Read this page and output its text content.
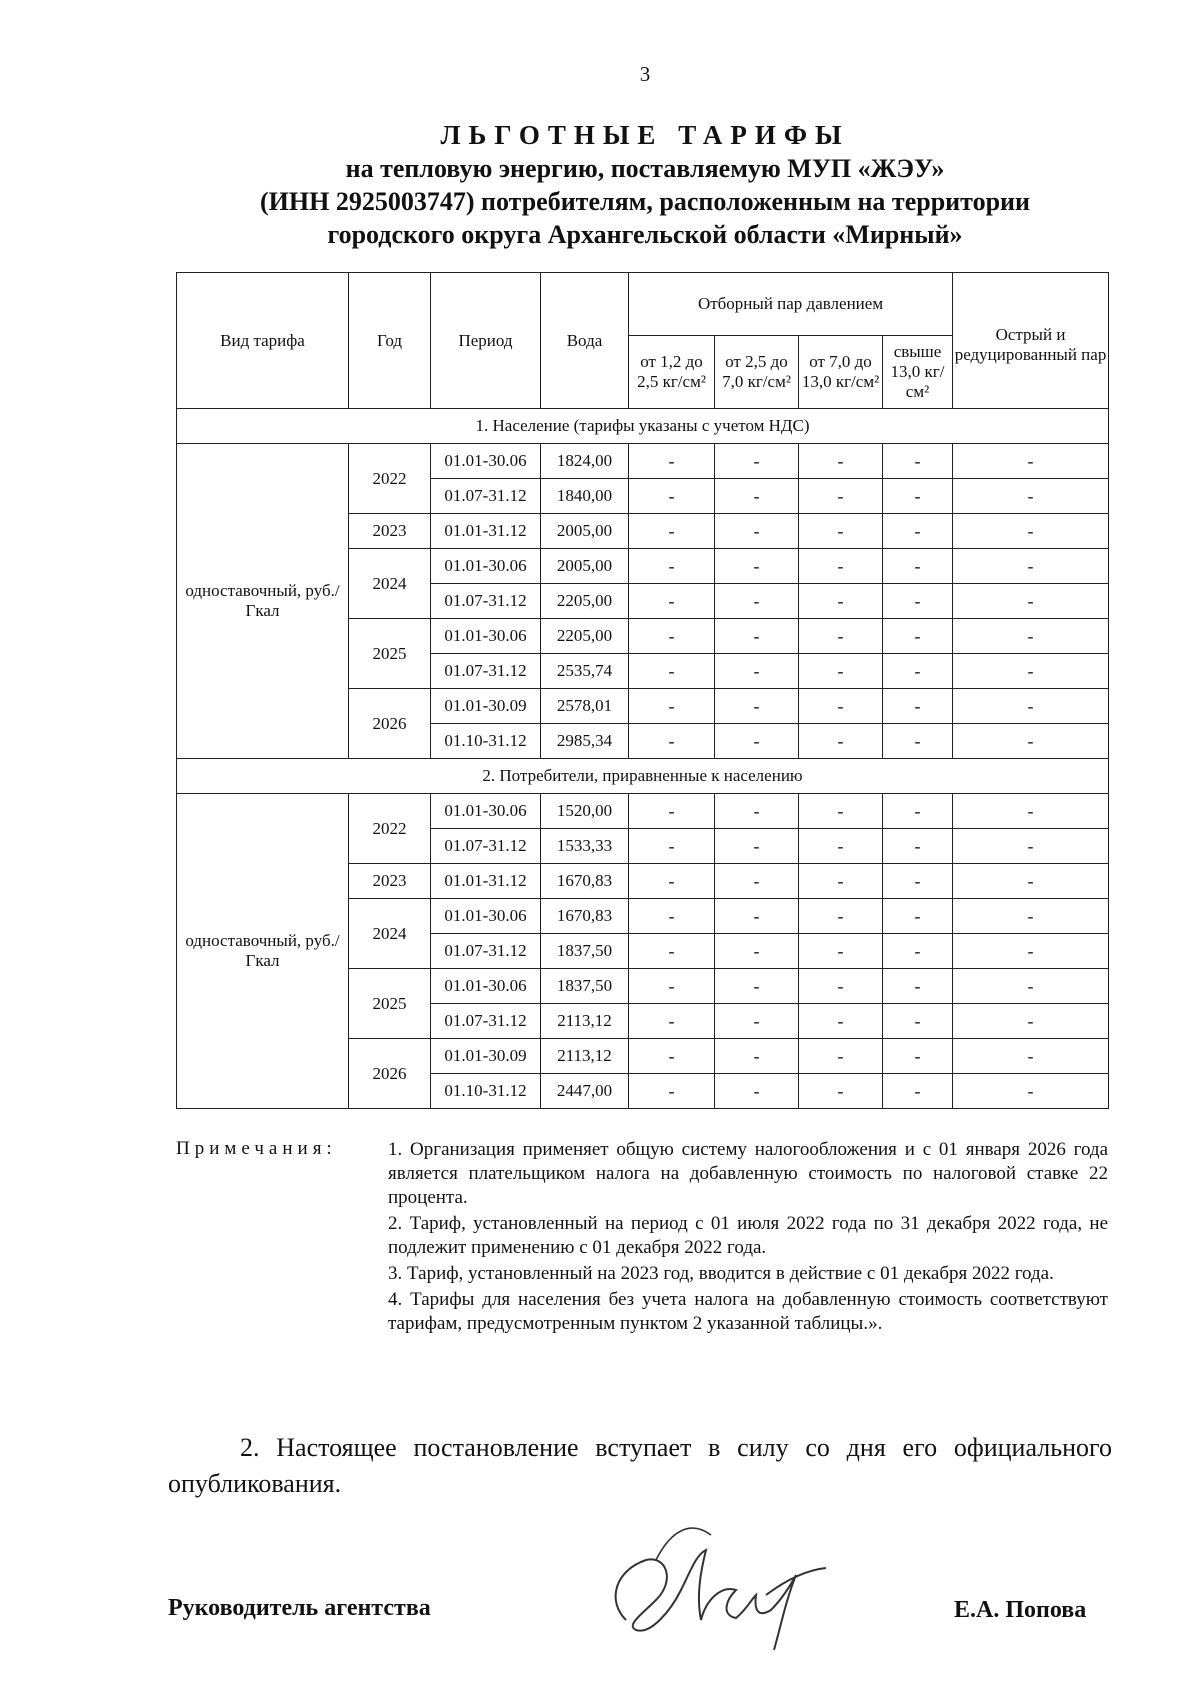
3
ЛЬГОТНЫЕ ТАРИФЫ
на тепловую энергию, поставляемую МУП «ЖЭУ»
(ИНН 2925003747) потребителям, расположенным на территории
городского округа Архангельской области «Мирный»
Вид тарифа	Год	Период	Вода	Отборный пар давлением				Острый и редуцированный пар
				от 1,2 до 2,5 кг/см²	от 2,5 до 7,0 кг/см²	от 7,0 до 13,0 кг/см²	свыше 13,0 кг/см²	
1. Население (тарифы указаны с учетом НДС)								
одноставочный, руб./Гкал	2022	01.01-30.06	1824,00	-	-	-	-	-
		01.07-31.12	1840,00	-	-	-	-	-
	2023	01.01-31.12	2005,00	-	-	-	-	-
	2024	01.01-30.06	2005,00	-	-	-	-	-
		01.07-31.12	2205,00	-	-	-	-	-
	2025	01.01-30.06	2205,00	-	-	-	-	-
		01.07-31.12	2535,74	-	-	-	-	-
	2026	01.01-30.09	2578,01	-	-	-	-	-
		01.10-31.12	2985,34	-	-	-	-	-
2. Потребители, приравненные к населению								
одноставочный, руб./Гкал	2022	01.01-30.06	1520,00	-	-	-	-	-
		01.07-31.12	1533,33	-	-	-	-	-
	2023	01.01-31.12	1670,83	-	-	-	-	-
	2024	01.01-30.06	1670,83	-	-	-	-	-
		01.07-31.12	1837,50	-	-	-	-	-
	2025	01.01-30.06	1837,50	-	-	-	-	-
		01.07-31.12	2113,12	-	-	-	-	-
	2026	01.01-30.09	2113,12	-	-	-	-	-
		01.10-31.12	2447,00	-	-	-	-	-
Примечания:	1. Организация применяет общую систему налогообложения и с 01 января 2026 года является плательщиком налога на добавленную стоимость по налоговой ставке 22 процента.
2. Тариф, установленный на период с 01 июля 2022 года по 31 декабря 2022 года, не подлежит применению с 01 декабря 2022 года.
3. Тариф, установленный на 2023 год, вводится в действие с 01 декабря 2022 года.
4. Тарифы для населения без учета налога на добавленную стоимость соответствуют тарифам, предусмотренным пунктом 2 указанной таблицы.».
2. Настоящее постановление вступает в силу со дня его официального опубликования.
Руководитель агентства	Е.А. Попова
